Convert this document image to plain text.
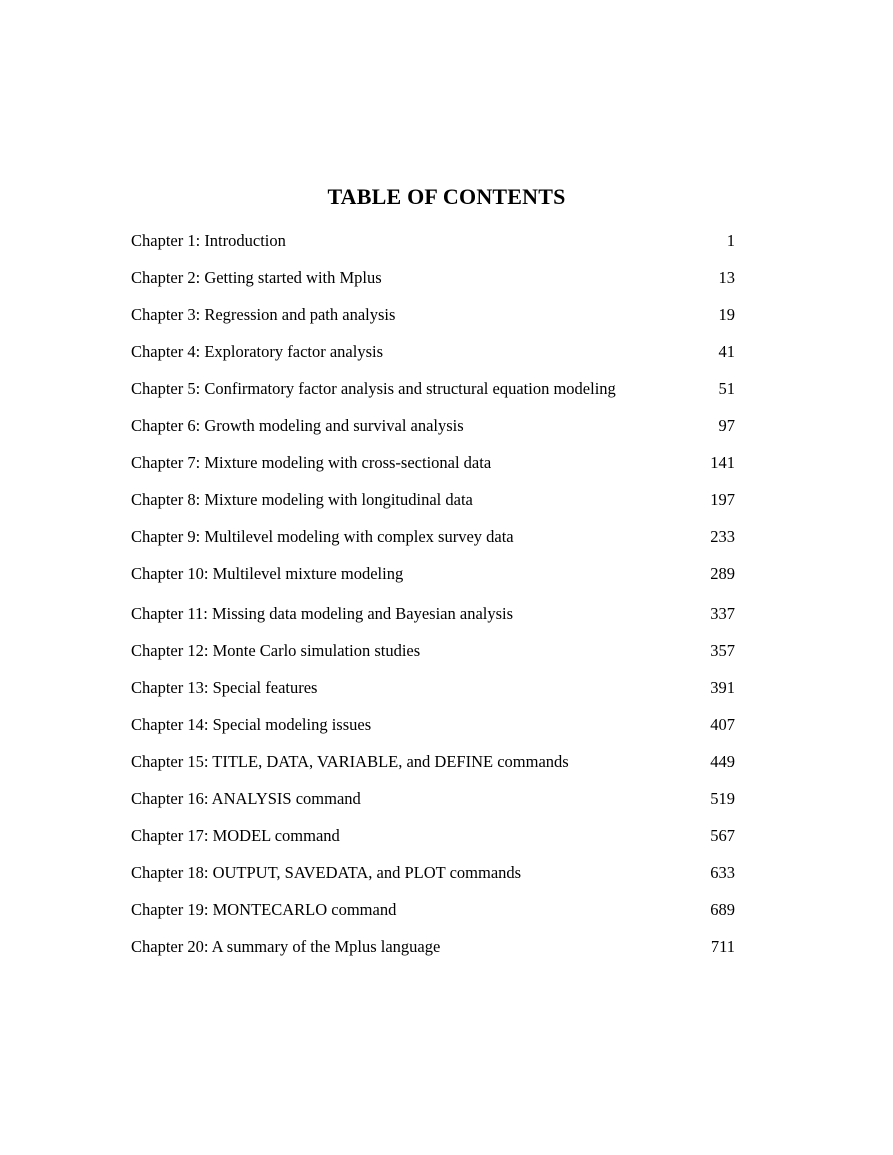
TABLE OF CONTENTS
Chapter 1: Introduction	1
Chapter 2: Getting started with Mplus	13
Chapter 3: Regression and path analysis	19
Chapter 4: Exploratory factor analysis	41
Chapter 5: Confirmatory factor analysis and structural equation modeling	51
Chapter 6: Growth modeling and survival analysis	97
Chapter 7: Mixture modeling with cross-sectional data	141
Chapter 8: Mixture modeling with longitudinal data	197
Chapter 9: Multilevel modeling with complex survey data	233
Chapter 10: Multilevel mixture modeling	289
Chapter 11: Missing data modeling and Bayesian analysis	337
Chapter 12: Monte Carlo simulation studies	357
Chapter 13: Special features	391
Chapter 14: Special modeling issues	407
Chapter 15: TITLE, DATA, VARIABLE, and DEFINE commands	449
Chapter 16: ANALYSIS command	519
Chapter 17: MODEL command	567
Chapter 18: OUTPUT, SAVEDATA, and PLOT commands	633
Chapter 19: MONTECARLO command	689
Chapter 20: A summary of the Mplus language	711
